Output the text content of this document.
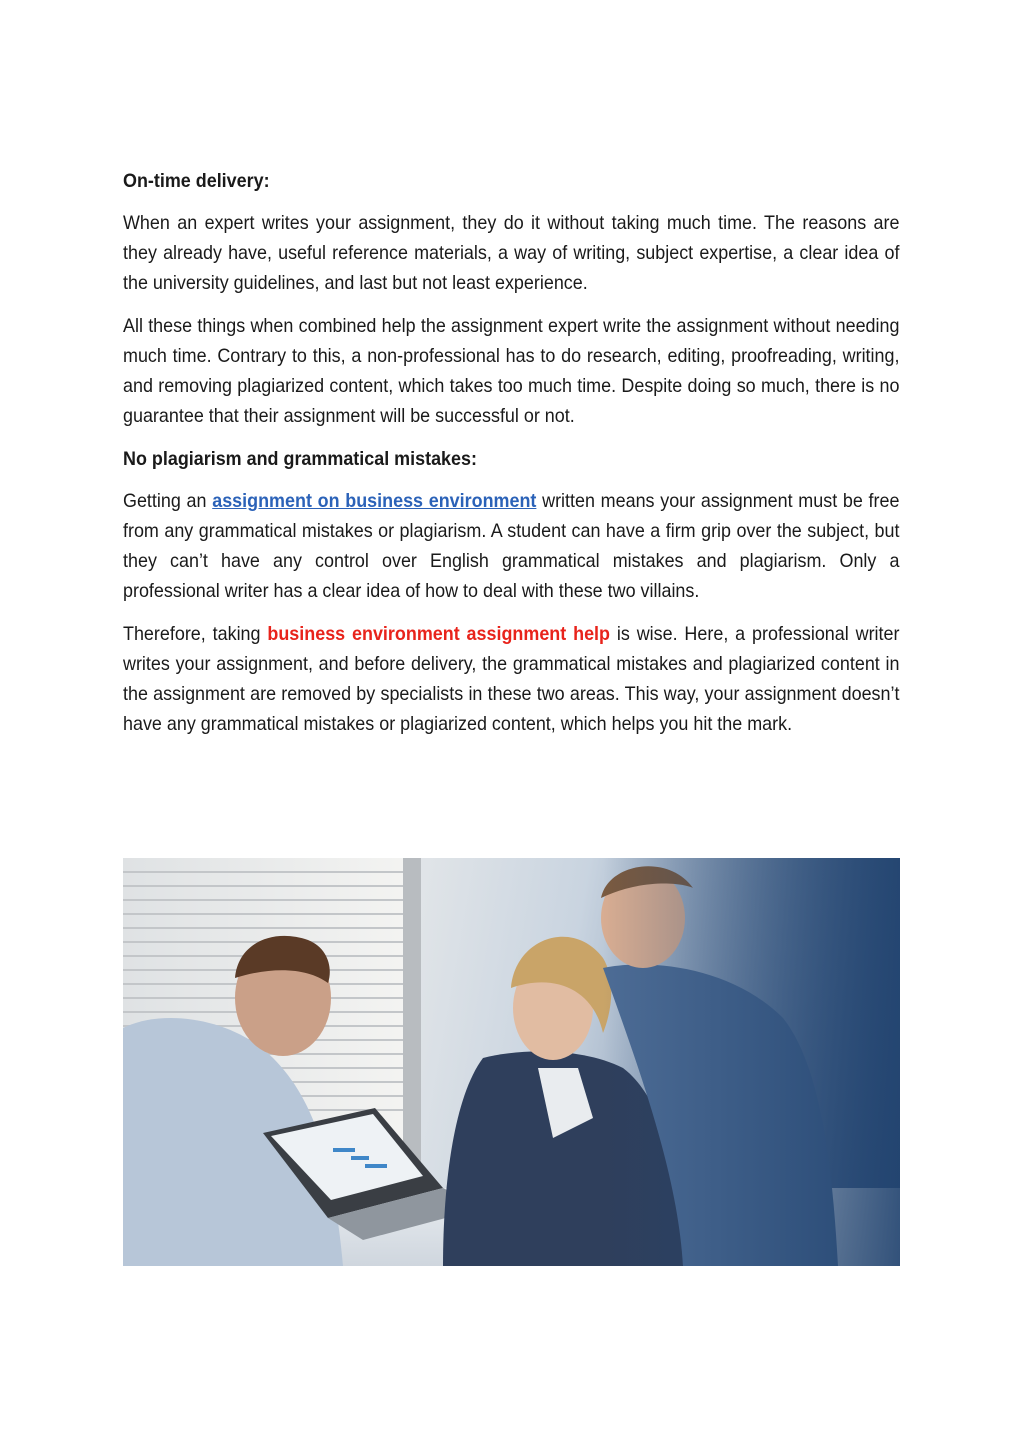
On-time delivery:

When an expert writes your assignment, they do it without taking much time. The reasons are they already have, useful reference materials, a way of writing, subject expertise, a clear idea of the university guidelines, and last but not least experience.

All these things when combined help the assignment expert write the assignment without needing much time. Contrary to this, a non-professional has to do research, editing, proofreading, writing, and removing plagiarized content, which takes too much time. Despite doing so much, there is no guarantee that their assignment will be successful or not.

No plagiarism and grammatical mistakes:

Getting an assignment on business environment written means your assignment must be free from any grammatical mistakes or plagiarism. A student can have a firm grip over the subject, but they can’t have any control over English grammatical mistakes and plagiarism. Only a professional writer has a clear idea of how to deal with these two villains.

Therefore, taking business environment assignment help is wise. Here, a professional writer writes your assignment, and before delivery, the grammatical mistakes and plagiarized content in the assignment are removed by specialists in these two areas. This way, your assignment doesn’t have any grammatical mistakes or plagiarized content, which helps you hit the mark.
